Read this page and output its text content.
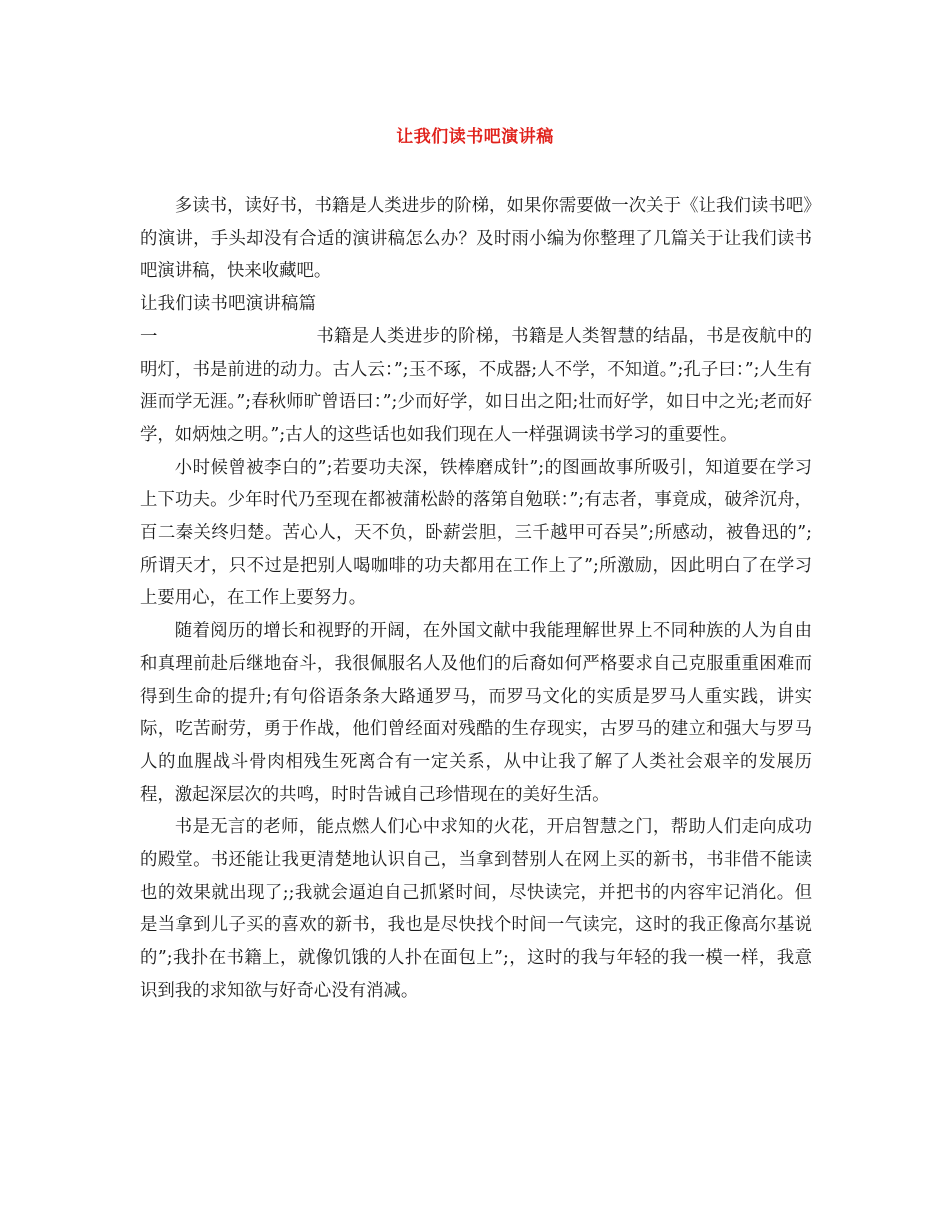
让我们读书吧演讲稿

多读书，读好书，书籍是人类进步的阶梯，如果你需要做一次关于《让我们读书吧》的演讲，手头却没有合适的演讲稿怎么办？及时雨小编为你整理了几篇关于让我们读书吧演讲稿，快来收藏吧。

让我们读书吧演讲稿篇一	书籍是人类进步的阶梯，书籍是人类智慧的结晶，书是夜航中的明灯，书是前进的动力。古人云：”;玉不琢，不成器;人不学，不知道。”;孔子曰：”;人生有涯而学无涯。”;春秋师旷曾语曰：”;少而好学，如日出之阳;壮而好学，如日中之光;老而好学，如炳烛之明。”;古人的这些话也如我们现在人一样强调读书学习的重要性。

小时候曾被李白的”;若要功夫深，铁棒磨成针”;的图画故事所吸引，知道要在学习上下功夫。少年时代乃至现在都被蒲松龄的落第自勉联：”;有志者，事竟成，破斧沉舟，百二秦关终归楚。苦心人，天不负，卧薪尝胆，三千越甲可吞吴”;所感动，被鲁迅的”;所谓天才，只不过是把别人喝咖啡的功夫都用在工作上了”;所激励，因此明白了在学习上要用心，在工作上要努力。

随着阅历的增长和视野的开阔，在外国文献中我能理解世界上不同种族的人为自由和真理前赴后继地奋斗，我很佩服名人及他们的后裔如何严格要求自己克服重重困难而得到生命的提升;有句俗语条条大路通罗马，而罗马文化的实质是罗马人重实践，讲实际，吃苦耐劳，勇于作战，他们曾经面对残酷的生存现实，古罗马的建立和强大与罗马人的血腥战斗骨肉相残生死离合有一定关系，从中让我了解了人类社会艰辛的发展历程，激起深层次的共鸣，时时告诫自己珍惜现在的美好生活。

书是无言的老师，能点燃人们心中求知的火花，开启智慧之门，帮助人们走向成功的殿堂。书还能让我更清楚地认识自己，当拿到替别人在网上买的新书，书非借不能读也的效果就出现了;;我就会逼迫自己抓紧时间，尽快读完，并把书的内容牢记消化。但是当拿到儿子买的喜欢的新书，我也是尽快找个时间一气读完，这时的我正像高尔基说的”;我扑在书籍上，就像饥饿的人扑在面包上”;，这时的我与年轻的我一模一样，我意识到我的求知欲与好奇心没有消减。
